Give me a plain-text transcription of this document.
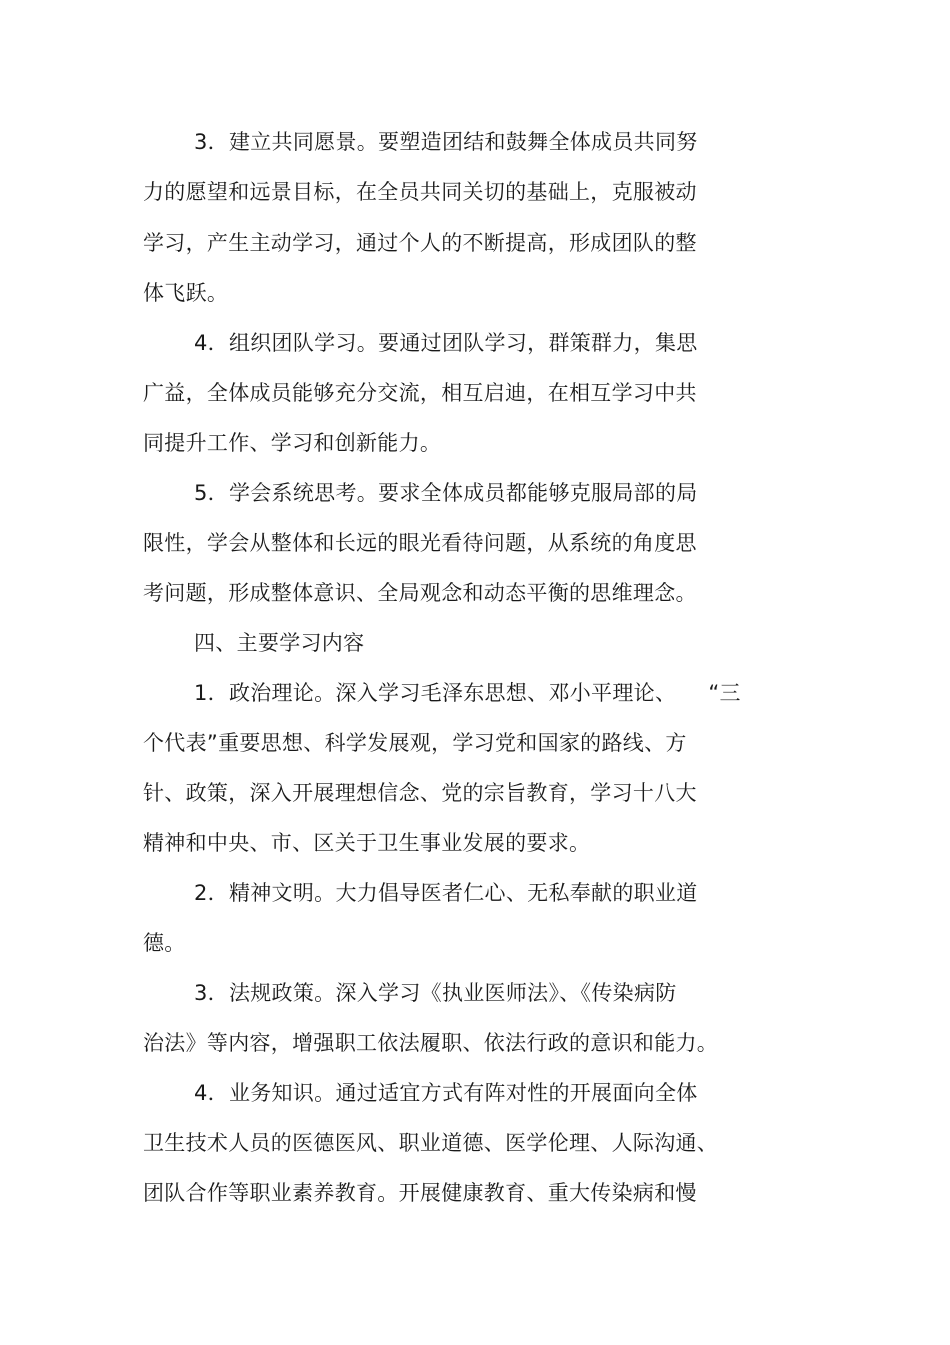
3．建立共同愿景。要塑造团结和鼓舞全体成员共同努

力的愿望和远景目标，在全员共同关切的基础上，克服被动

学习，产生主动学习，通过个人的不断提高，形成团队的整

体飞跃。

4．组织团队学习。要通过团队学习，群策群力，集思

广益，全体成员能够充分交流，相互启迪，在相互学习中共

同提升工作、学习和创新能力。

5．学会系统思考。要求全体成员都能够克服局部的局

限性，学会从整体和长远的眼光看待问题，从系统的角度思

考问题，形成整体意识、全局观念和动态平衡的思维理念。

四、主要学习内容

1．政治理论。深入学习毛泽东思想、邓小平理论、　　“三

个代表”重要思想、科学发展观，学习党和国家的路线、方

针、政策，深入开展理想信念、党的宗旨教育，学习十八大

精神和中央、市、区关于卫生事业发展的要求。

2．精神文明。大力倡导医者仁心、无私奉献的职业道

德。

3．法规政策。深入学习《执业医师法》、《传染病防

治法》等内容，增强职工依法履职、依法行政的意识和能力。

4．业务知识。通过适宜方式有阵对性的开展面向全体

卫生技术人员的医德医风、职业道德、医学伦理、人际沟通、

团队合作等职业素养教育。开展健康教育、重大传染病和慢
